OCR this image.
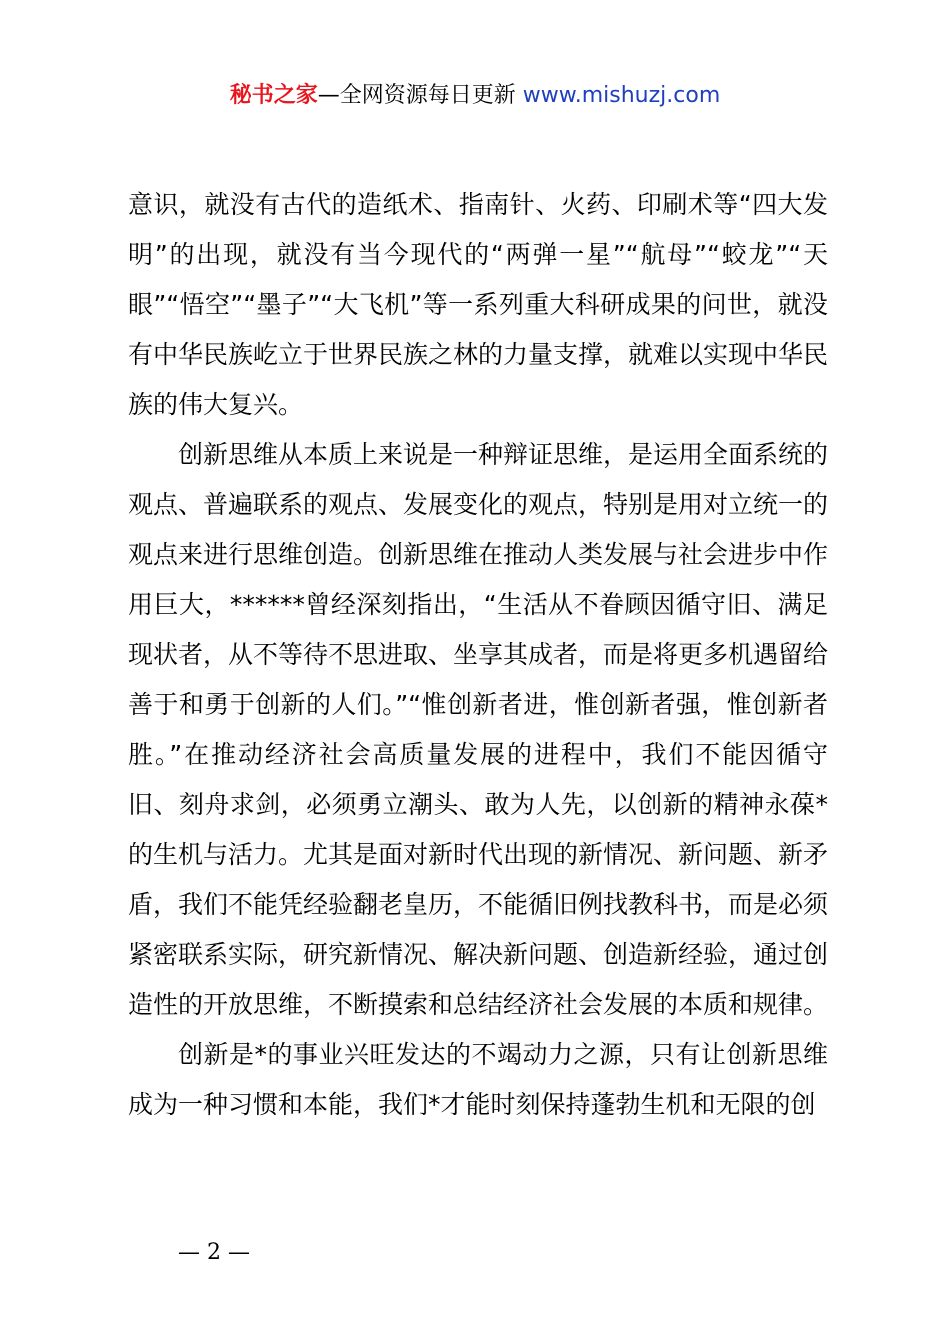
秘书之家—全网资源每日更新 www.mishuzj.com

意识，就没有古代的造纸术、指南针、火药、印刷术等“四大发明”的出现，就没有当今现代的“两弹一星”“航母”“蛟龙”“天眼”“悟空”“墨子”“大飞机”等一系列重大科研成果的问世，就没有中华民族屹立于世界民族之林的力量支撑，就难以实现中华民族的伟大复兴。

创新思维从本质上来说是一种辩证思维，是运用全面系统的观点、普遍联系的观点、发展变化的观点，特别是用对立统一的观点来进行思维创造。创新思维在推动人类发展与社会进步中作用巨大，******曾经深刻指出，“生活从不眷顾因循守旧、满足现状者，从不等待不思进取、坐享其成者，而是将更多机遇留给善于和勇于创新的人们。”“惟创新者进，惟创新者强，惟创新者胜。”在推动经济社会高质量发展的进程中，我们不能因循守旧、刻舟求剑，必须勇立潮头、敢为人先，以创新的精神永葆*的生机与活力。尤其是面对新时代出现的新情况、新问题、新矛盾，我们不能凭经验翻老皇历，不能循旧例找教科书，而是必须紧密联系实际，研究新情况、解决新问题、创造新经验，通过创造性的开放思维，不断摸索和总结经济社会发展的本质和规律。

创新是*的事业兴旺发达的不竭动力之源，只有让创新思维成为一种习惯和本能，我们*才能时刻保持蓬勃生机和无限的创

— 2 —
